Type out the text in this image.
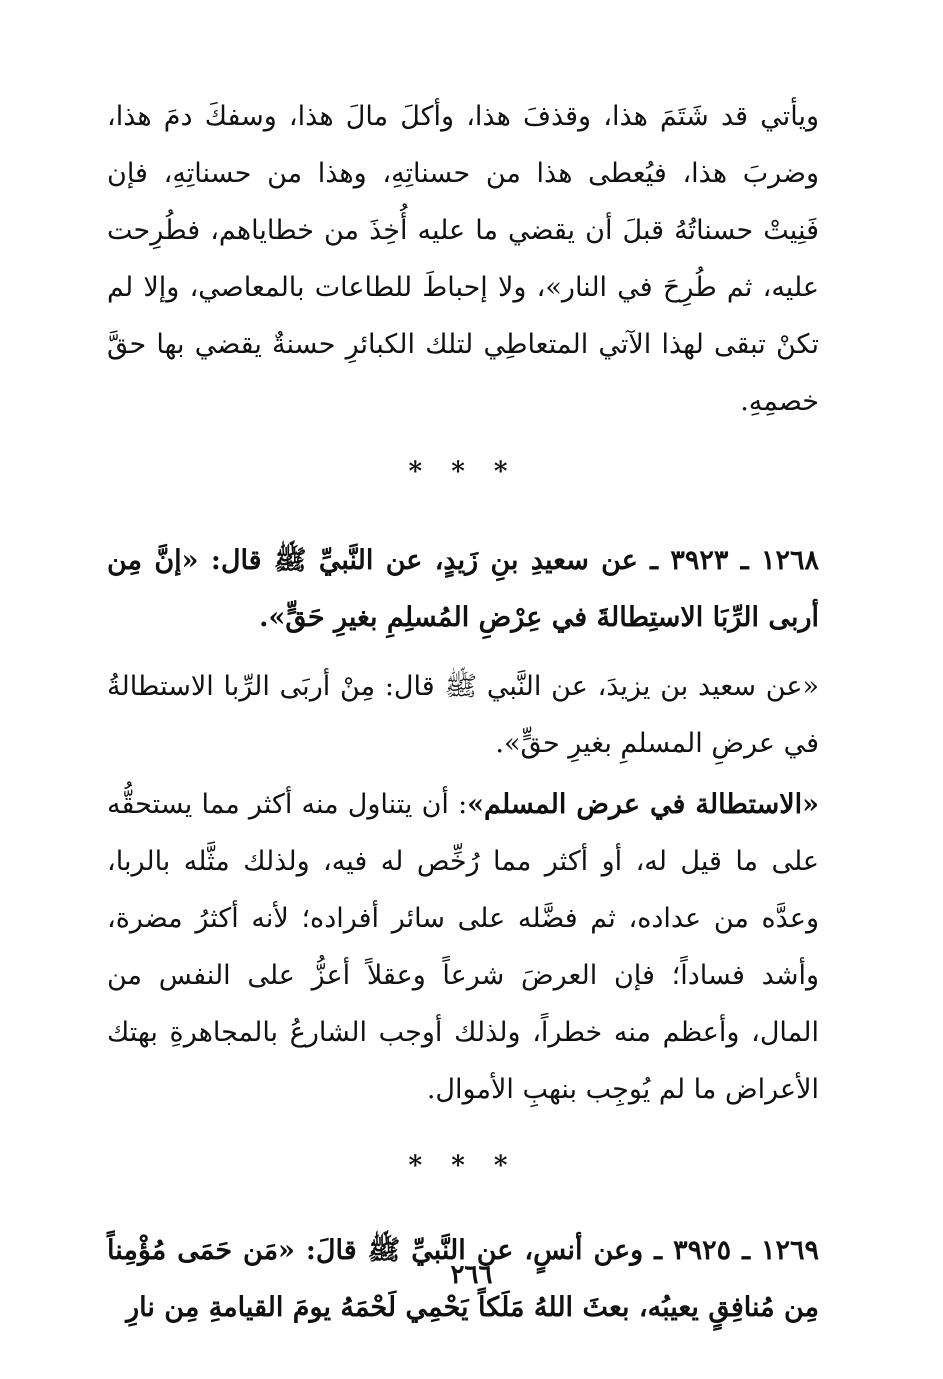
ويأتي قد شَتَمَ هذا، وقذفَ هذا، وأكلَ مالَ هذا، وسفكَ دمَ هذا، وضربَ هذا، فيُعطى هذا من حسناتِهِ، وهذا من حسناتِهِ، فإن فَنِيتْ حسناتُهُ قبلَ أن يقضي ما عليه أُخِذَ من خطاياهم، فطُرِحت عليه، ثم طُرِحَ في النار»، ولا إحباطَ للطاعات بالمعاصي، وإلا لم تكنْ تبقى لهذا الآتي المتعاطِي لتلك الكبائرِ حسنةٌ يقضي بها حقَّ خصمِهِ.

* * *

١٢٦٨ ـ ٣٩٢٣ ـ عن سعيدِ بنِ زَيدٍ، عن النَّبيِّ ﷺ قال: «إنَّ مِن أربى الرِّبَا الاستِطالةَ في عِرْضِ المُسلِمِ بغيرِ حَقٍّ».

«عن سعيد بن يزيدَ، عن النَّبي ﷺ قال: مِنْ أربَى الرِّبا الاستطالةُ في عرضِ المسلمِ بغيرِ حقٍّ».

«الاستطالة في عرض المسلم»: أن يتناول منه أكثر مما يستحقُّه على ما قيل له، أو أكثر مما رُخِّص له فيه، ولذلك مثَّله بالربا، وعدَّه من عداده، ثم فضَّله على سائر أفراده؛ لأنه أكثرُ مضرة، وأشد فساداً؛ فإن العرضَ شرعاً وعقلاً أعزُّ على النفس من المال، وأعظم منه خطراً، ولذلك أوجب الشارعُ بالمجاهرةِ بهتك الأعراض ما لم يُوجِب بنهبِ الأموال.

* * *

١٢٦٩ ـ ٣٩٢٥ ـ وعن أنسٍ، عن النَّبيِّ ﷺ قالَ: «مَن حَمَى مُؤْمِناً مِن مُنافِقٍ يعيبُه، بعثَ اللهُ مَلَكاً يَحْمِي لَحْمَهُ يومَ القيامةِ مِن نارِ

٢٦٦
